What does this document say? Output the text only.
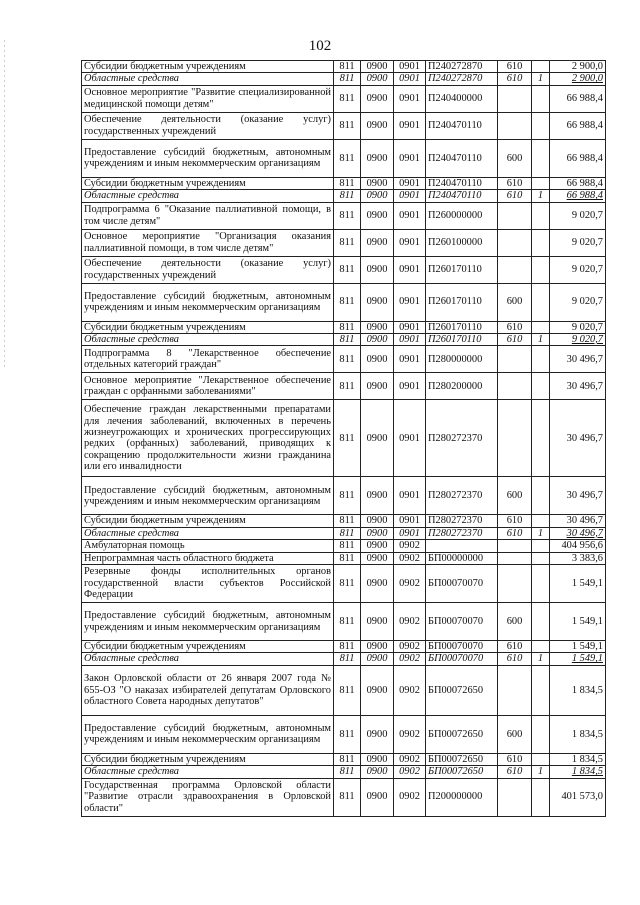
102
Субсидии бюджетным учреждениям	811	0900	0901	П240272870	610		2 900,0
Областные средства	811	0900	0901	П240272870	610	1	2 900,0
Основное мероприятие "Развитие специализированной медицинской помощи детям"	811	0900	0901	П240400000			66 988,4
Обеспечение деятельности (оказание услуг) государственных учреждений	811	0900	0901	П240470110			66 988,4
Предоставление субсидий бюджетным, автономным учреждениям и иным некоммерческим организациям	811	0900	0901	П240470110	600		66 988,4
Субсидии бюджетным учреждениям	811	0900	0901	П240470110	610		66 988,4
Областные средства	811	0900	0901	П240470110	610	1	66 988,4
Подпрограмма 6 "Оказание паллиативной помощи, в том числе детям"	811	0900	0901	П260000000			9 020,7
Основное мероприятие "Организация оказания паллиативной помощи, в том числе детям"	811	0900	0901	П260100000			9 020,7
Обеспечение деятельности (оказание услуг) государственных учреждений	811	0900	0901	П260170110			9 020,7
Предоставление субсидий бюджетным, автономным учреждениям и иным некоммерческим организациям	811	0900	0901	П260170110	600		9 020,7
Субсидии бюджетным учреждениям	811	0900	0901	П260170110	610		9 020,7
Областные средства	811	0900	0901	П260170110	610	1	9 020,7
Подпрограмма 8 "Лекарственное обеспечение отдельных категорий граждан"	811	0900	0901	П280000000			30 496,7
Основное мероприятие "Лекарственное обеспечение граждан с орфанными заболеваниями"	811	0900	0901	П280200000			30 496,7
Обеспечение граждан лекарственными препаратами для лечения заболеваний, включенных в перечень жизнеугрожающих и хронических прогрессирующих редких (орфанных) заболеваний, приводящих к сокращению продолжительности жизни гражданина или его инвалидности	811	0900	0901	П280272370			30 496,7
Предоставление субсидий бюджетным, автономным учреждениям и иным некоммерческим организациям	811	0900	0901	П280272370	600		30 496,7
Субсидии бюджетным учреждениям	811	0900	0901	П280272370	610		30 496,7
Областные средства	811	0900	0901	П280272370	610	1	30 496,7
Амбулаторная помощь	811	0900	0902				404 956,6
Непрограммная часть областного бюджета	811	0900	0902	БП00000000			3 383,6
Резервные фонды исполнительных органов государственной власти субъектов Российской Федерации	811	0900	0902	БП00070070			1 549,1
Предоставление субсидий бюджетным, автономным учреждениям и иным некоммерческим организациям	811	0900	0902	БП00070070	600		1 549,1
Субсидии бюджетным учреждениям	811	0900	0902	БП00070070	610		1 549,1
Областные средства	811	0900	0902	БП00070070	610	1	1 549,1
Закон Орловской области от 26 января 2007 года № 655-ОЗ "О наказах избирателей депутатам Орловского областного Совета народных депутатов"	811	0900	0902	БП00072650			1 834,5
Предоставление субсидий бюджетным, автономным учреждениям и иным некоммерческим организациям	811	0900	0902	БП00072650	600		1 834,5
Субсидии бюджетным учреждениям	811	0900	0902	БП00072650	610		1 834,5
Областные средства	811	0900	0902	БП00072650	610	1	1 834,5
Государственная программа Орловской области "Развитие отрасли здравоохранения в Орловской области"	811	0900	0902	П200000000			401 573,0
